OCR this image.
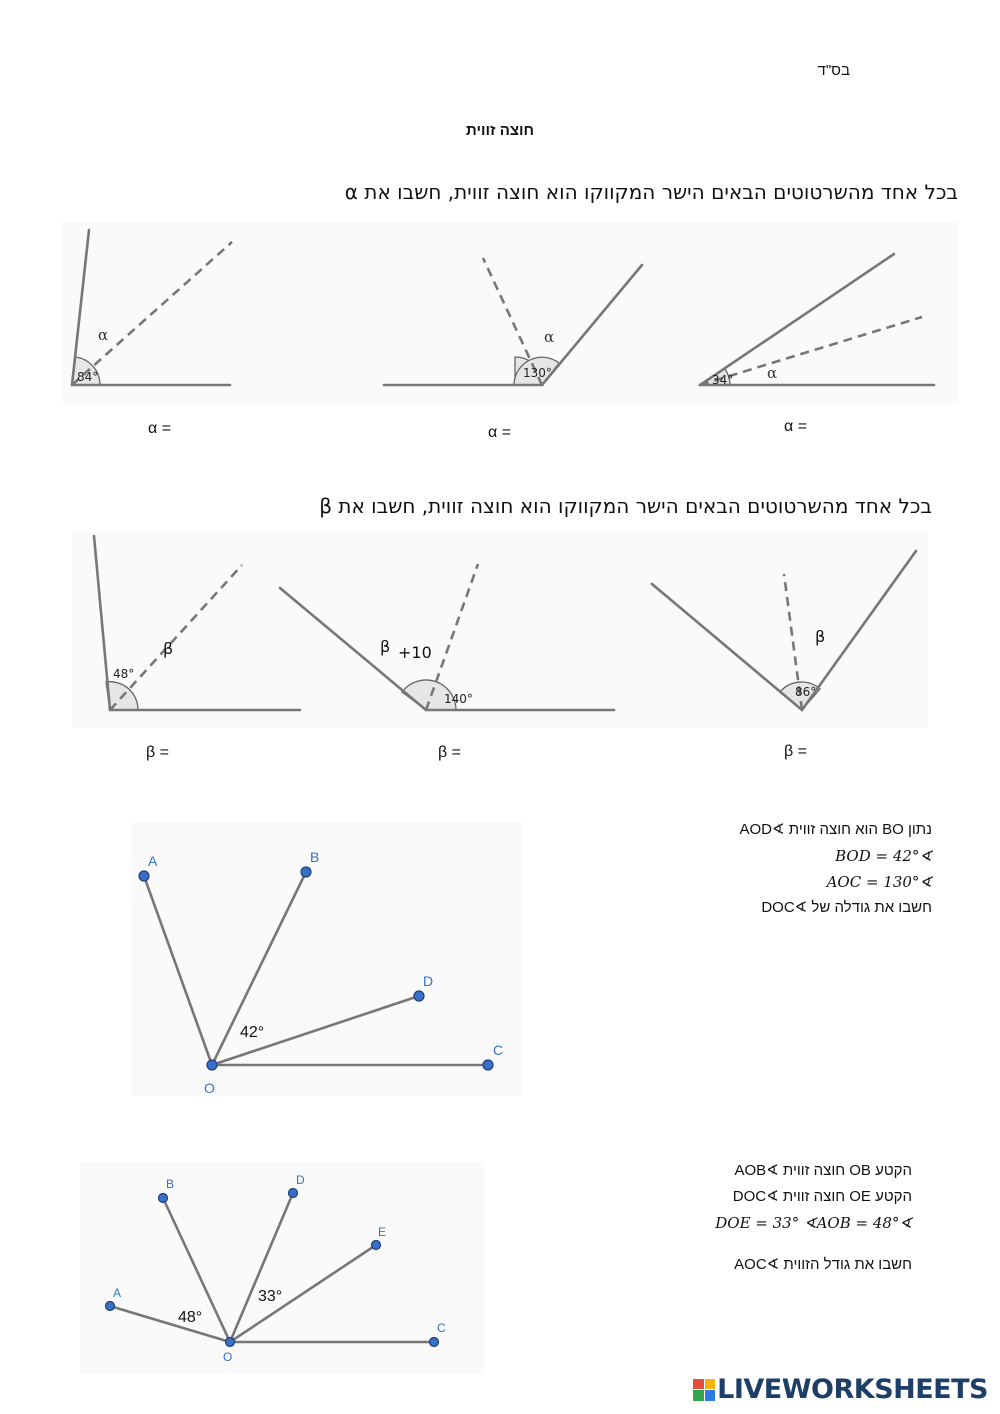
בס"ד
חוצה זווית
בכל אחד מהשרטוטים הבאים הישר המקווקו הוא חוצה זווית, חשבו את α
84°
α
130°
α
34° α
α =	α =	α =
בכל אחד מהשרטוטים הבאים הישר המקווקו הוא חוצה זווית, חשבו את β
48°
β
140°
β +10
86°
β
β =	β =	β =
נתון BO הוא חוצה זווית ∢AOD
∢BOD = 42°
∢AOC = 130°
חשבו את גודלה של ∢DOC
A	B
D
C
O
42°
הקטע OB חוצה זווית ∢AOB
הקטע OE חוצה זווית ∢DOC
∢DOE = 33° ∢AOB = 48°
חשבו את גודל הזווית ∢AOC
A
B	D
E
C
O
48°
33°
LIVEWORKSHEETS
